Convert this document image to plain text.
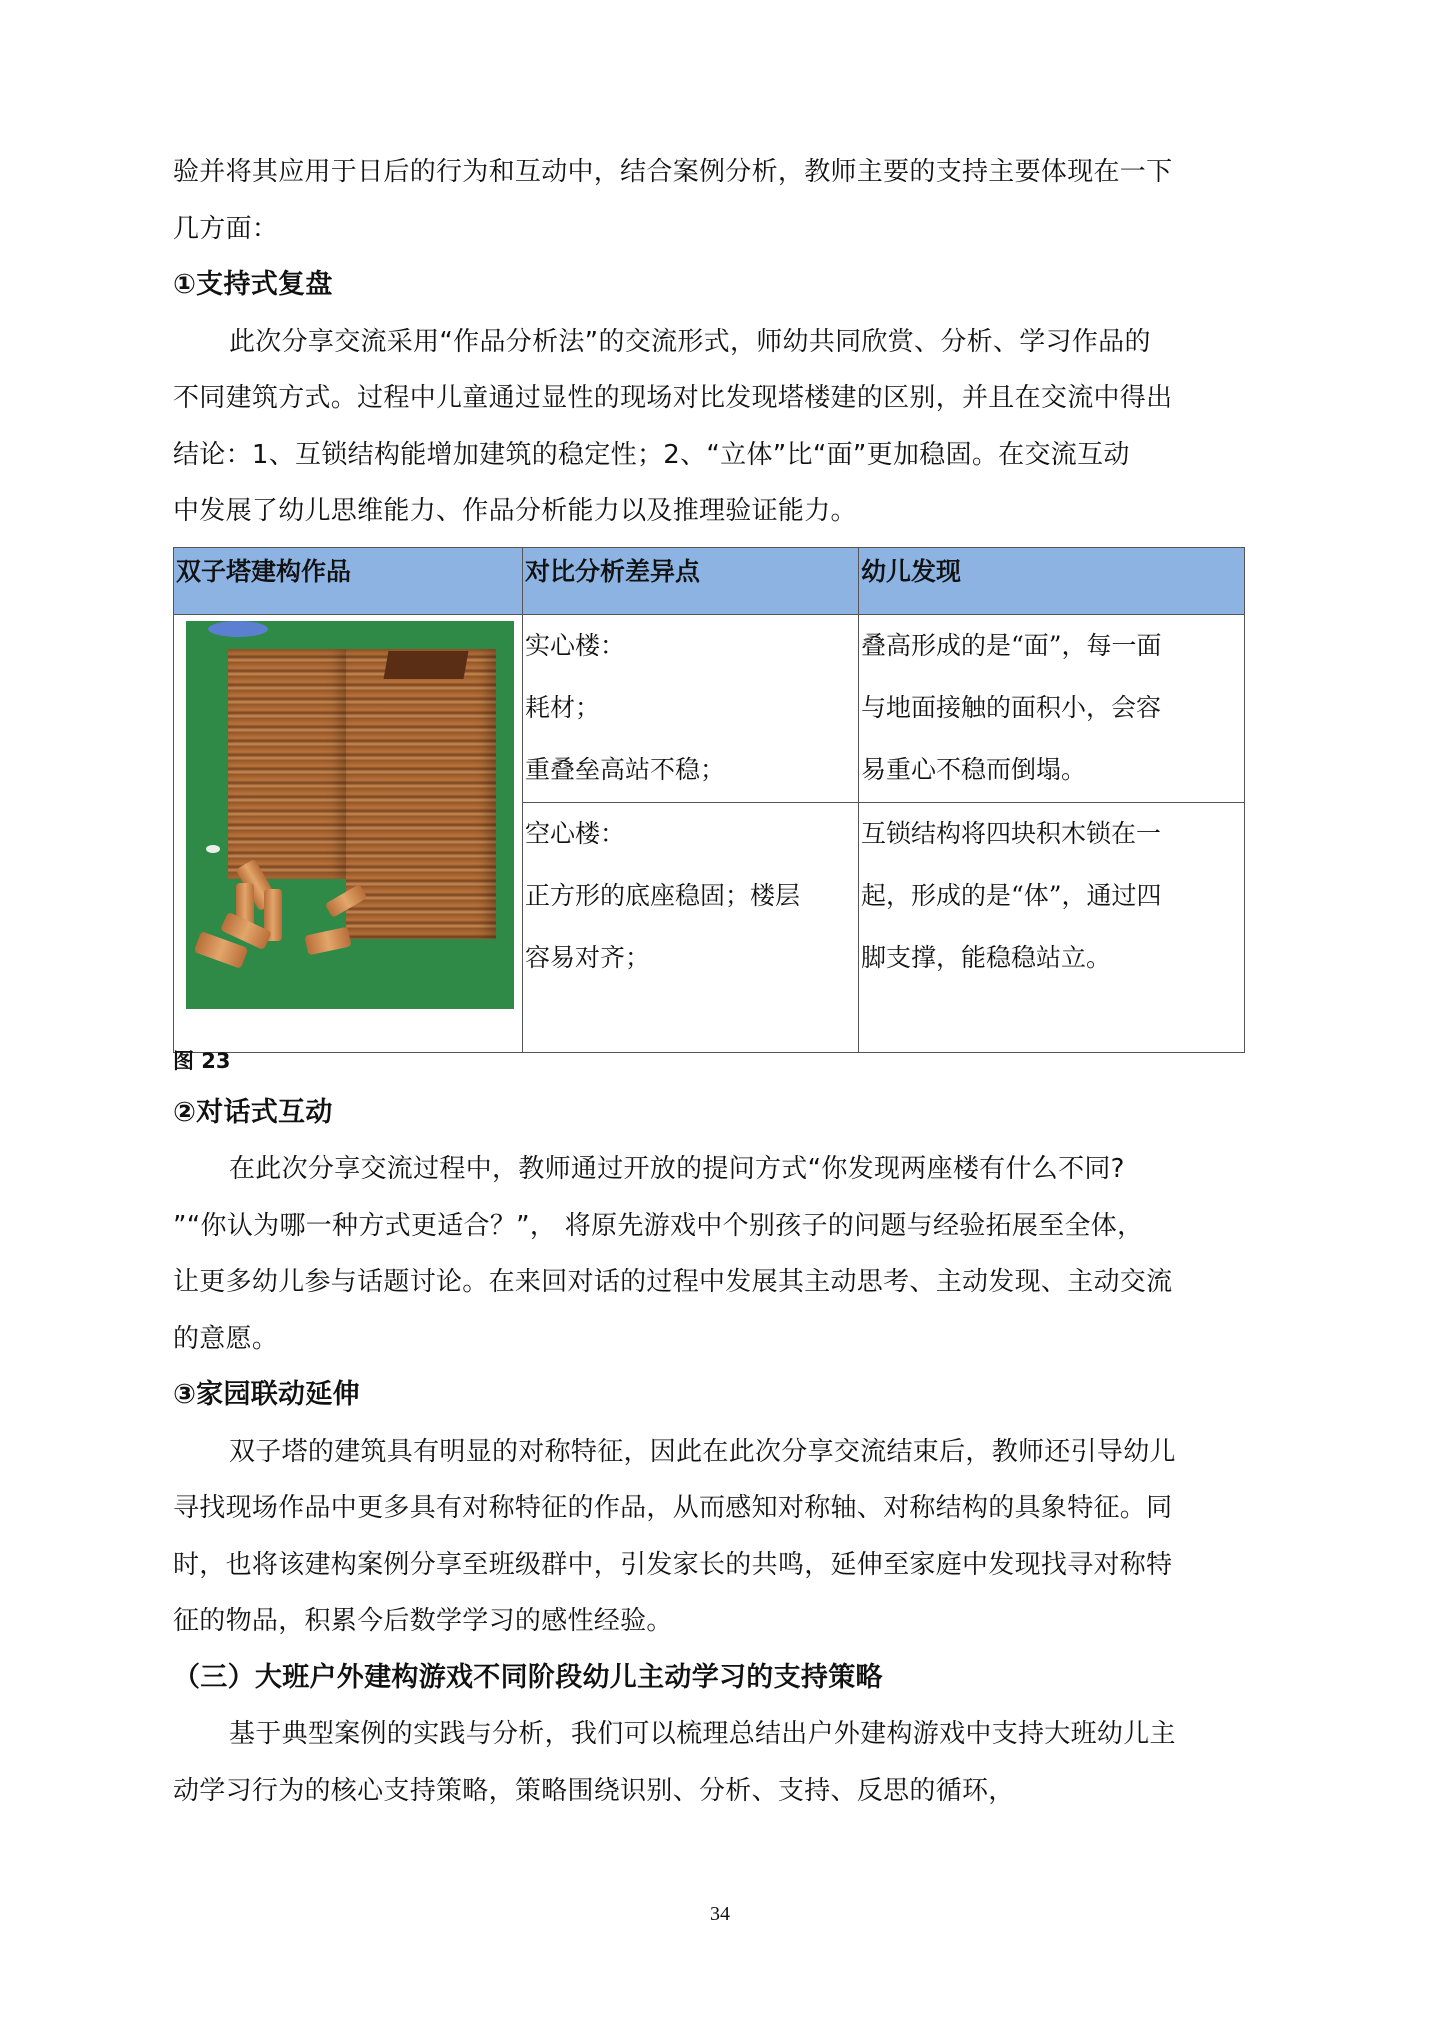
验并将其应用于日后的行为和互动中，结合案例分析，教师主要的支持主要体现在一下
几方面：
①支持式复盘
此次分享交流采用“作品分析法”的交流形式，师幼共同欣赏、分析、学习作品的
不同建筑方式。过程中儿童通过显性的现场对比发现塔楼建的区别，并且在交流中得出
结论：1、互锁结构能增加建筑的稳定性；2、“立体”比“面”更加稳固。在交流互动
中发展了幼儿思维能力、作品分析能力以及推理验证能力。
双子塔建构作品	对比分析差异点	幼儿发现

	实心楼：
耗材；
重叠垒高站不稳；	叠高形成的是“面”，每一面
与地面接触的面积小，会容
易重心不稳而倒塌。

	空心楼：
正方形的底座稳固；楼层
容易对齐；	互锁结构将四块积木锁在一
起，形成的是“体”，通过四
脚支撑，能稳稳站立。
图 23
②对话式互动
在此次分享交流过程中，教师通过开放的提问方式“你发现两座楼有什么不同?
”“你认为哪一种方式更适合？”， 将原先游戏中个别孩子的问题与经验拓展至全体，
让更多幼儿参与话题讨论。在来回对话的过程中发展其主动思考、主动发现、主动交流
的意愿。
③家园联动延伸
双子塔的建筑具有明显的对称特征，因此在此次分享交流结束后，教师还引导幼儿
寻找现场作品中更多具有对称特征的作品，从而感知对称轴、对称结构的具象特征。同
时，也将该建构案例分享至班级群中，引发家长的共鸣，延伸至家庭中发现找寻对称特
征的物品，积累今后数学学习的感性经验。
（三）大班户外建构游戏不同阶段幼儿主动学习的支持策略
基于典型案例的实践与分析，我们可以梳理总结出户外建构游戏中支持大班幼儿主
动学习行为的核心支持策略，策略围绕识别、分析、支持、反思的循环，
34
